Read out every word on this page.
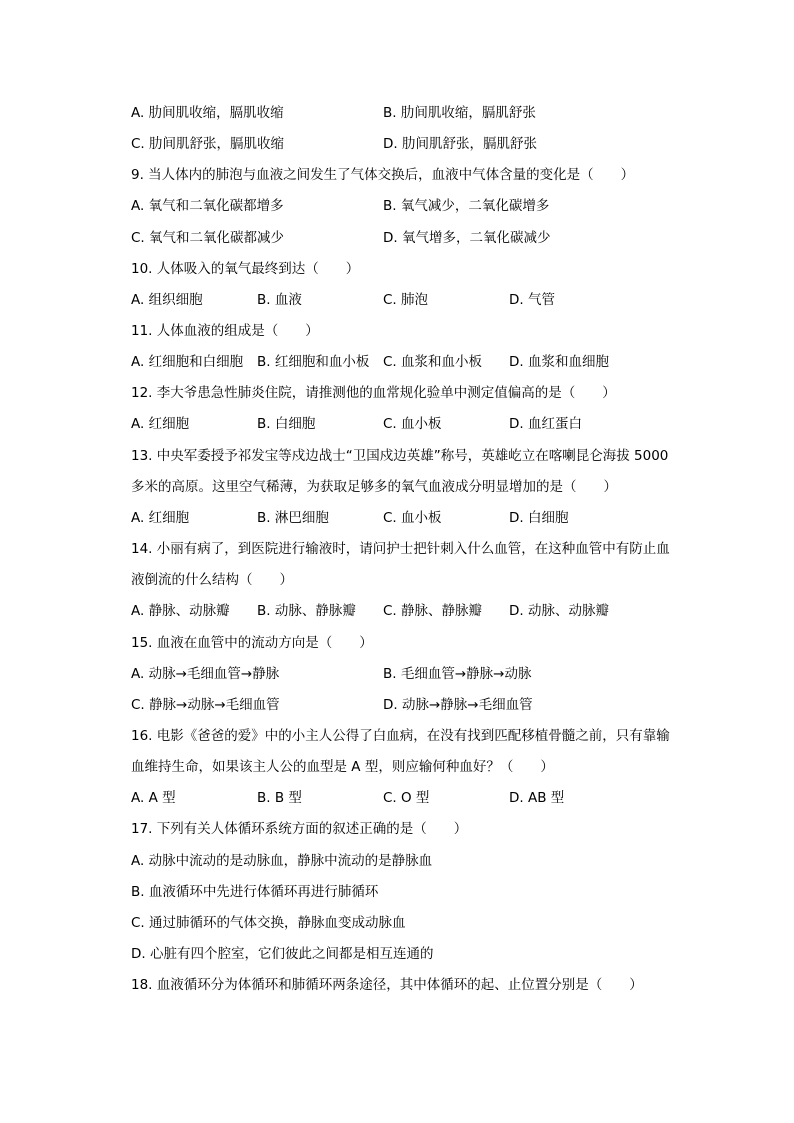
A. 肋间肌收缩，膈肌收缩	B. 肋间肌收缩，膈肌舒张
C. 肋间肌舒张，膈肌收缩	D. 肋间肌舒张，膈肌舒张
9. 当人体内的肺泡与血液之间发生了气体交换后，血液中气体含量的变化是（　　）
A. 氧气和二氧化碳都增多	B. 氧气减少，二氧化碳增多
C. 氧气和二氧化碳都减少	D. 氧气增多，二氧化碳减少
10. 人体吸入的氧气最终到达（　　）
A. 组织细胞	B. 血液	C. 肺泡	D. 气管
11. 人体血液的组成是（　　）
A. 红细胞和白细胞 B. 红细胞和血小板 C. 血浆和血小板 D. 血浆和血细胞
12. 李大爷患急性肺炎住院，请推测他的血常规化验单中测定值偏高的是（　　）
A. 红细胞	B. 白细胞	C. 血小板	D. 血红蛋白
13. 中央军委授予祁发宝等戍边战士“卫国戍边英雄”称号，英雄屹立在喀喇昆仑海拔 5000
多米的高原。这里空气稀薄，为获取足够多的氧气血液成分明显增加的是（　　）
A. 红细胞	B. 淋巴细胞	C. 血小板	D. 白细胞
14. 小丽有病了，到医院进行输液时，请问护士把针刺入什么血管，在这种血管中有防止血
液倒流的什么结构（　　）
A. 静脉、动脉瓣 B. 动脉、静脉瓣 C. 静脉、静脉瓣 D. 动脉、动脉瓣
15. 血液在血管中的流动方向是（　　）
A. 动脉→毛细血管→静脉	B. 毛细血管→静脉→动脉
C. 静脉→动脉→毛细血管	D. 动脉→静脉→毛细血管
16. 电影《爸爸的爱》中的小主人公得了白血病，在没有找到匹配移植骨髓之前，只有靠输
血维持生命，如果该主人公的血型是 A 型，则应输何种血好？（　　）
A. A 型	B. B 型	C. O 型	D. AB 型
17. 下列有关人体循环系统方面的叙述正确的是（　　）
A. 动脉中流动的是动脉血，静脉中流动的是静脉血
B. 血液循环中先进行体循环再进行肺循环
C. 通过肺循环的气体交换，静脉血变成动脉血
D. 心脏有四个腔室，它们彼此之间都是相互连通的
18. 血液循环分为体循环和肺循环两条途径，其中体循环的起、止位置分别是（　　）
